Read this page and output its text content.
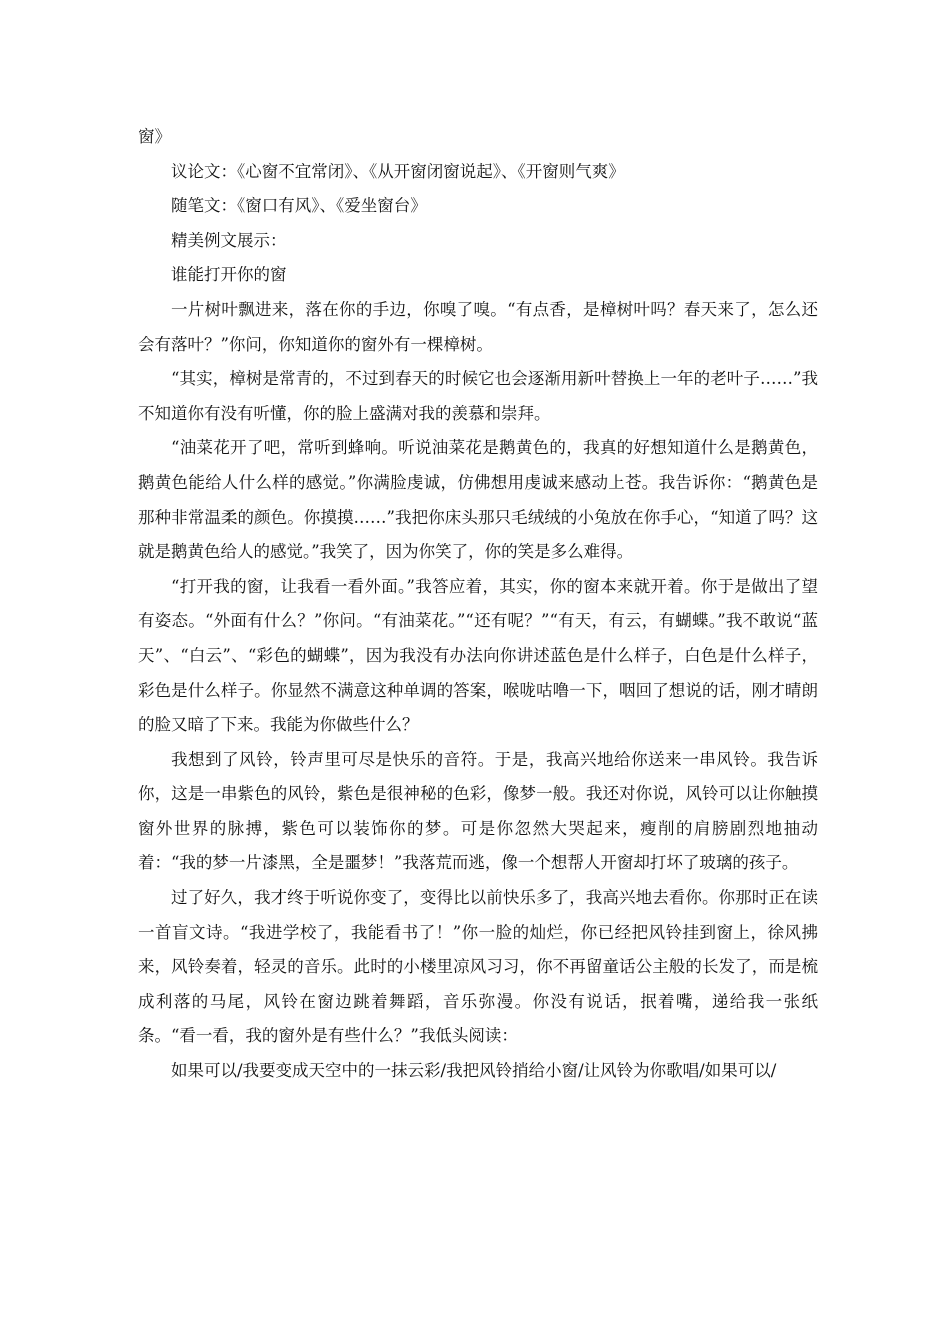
窗》

议论文：《心窗不宜常闭》、《从开窗闭窗说起》、《开窗则气爽》

随笔文：《窗口有风》、《爱坐窗台》

精美例文展示：

谁能打开你的窗

一片树叶飘进来，落在你的手边，你嗅了嗅。“有点香，是樟树叶吗？春天来了，怎么还会有落叶？”你问，你知道你的窗外有一棵樟树。

“其实，樟树是常青的，不过到春天的时候它也会逐渐用新叶替换上一年的老叶子……”我不知道你有没有听懂，你的脸上盛满对我的羡慕和崇拜。

“油菜花开了吧，常听到蜂响。听说油菜花是鹅黄色的，我真的好想知道什么是鹅黄色，鹅黄色能给人什么样的感觉。”你满脸虔诚，仿佛想用虔诚来感动上苍。我告诉你：“鹅黄色是那种非常温柔的颜色。你摸摸……”我把你床头那只毛绒绒的小兔放在你手心，“知道了吗？这就是鹅黄色给人的感觉。”我笑了，因为你笑了，你的笑是多么难得。

“打开我的窗，让我看一看外面。”我答应着，其实，你的窗本来就开着。你于是做出了望有姿态。“外面有什么？”你问。“有油菜花。”“还有呢？”“有天，有云，有蝴蝶。”我不敢说“蓝天”、“白云”、“彩色的蝴蝶”，因为我没有办法向你讲述蓝色是什么样子，白色是什么样子，彩色是什么样子。你显然不满意这种单调的答案，喉咙咕噜一下，咽回了想说的话，刚才晴朗的脸又暗了下来。我能为你做些什么？

我想到了风铃，铃声里可尽是快乐的音符。于是，我高兴地给你送来一串风铃。我告诉你，这是一串紫色的风铃，紫色是很神秘的色彩，像梦一般。我还对你说，风铃可以让你触摸窗外世界的脉搏，紫色可以装饰你的梦。可是你忽然大哭起来，瘦削的肩膀剧烈地抽动着：“我的梦一片漆黑，全是噩梦！”我落荒而逃，像一个想帮人开窗却打坏了玻璃的孩子。

过了好久，我才终于听说你变了，变得比以前快乐多了，我高兴地去看你。你那时正在读一首盲文诗。“我进学校了，我能看书了！”你一脸的灿烂，你已经把风铃挂到窗上，徐风拂来，风铃奏着，轻灵的音乐。此时的小楼里凉风习习，你不再留童话公主般的长发了，而是梳成利落的马尾，风铃在窗边跳着舞蹈，音乐弥漫。你没有说话，抿着嘴，递给我一张纸条。“看一看，我的窗外是有些什么？”我低头阅读：

如果可以/我要变成天空中的一抹云彩/我把风铃捎给小窗/让风铃为你歌唱/如果可以/
